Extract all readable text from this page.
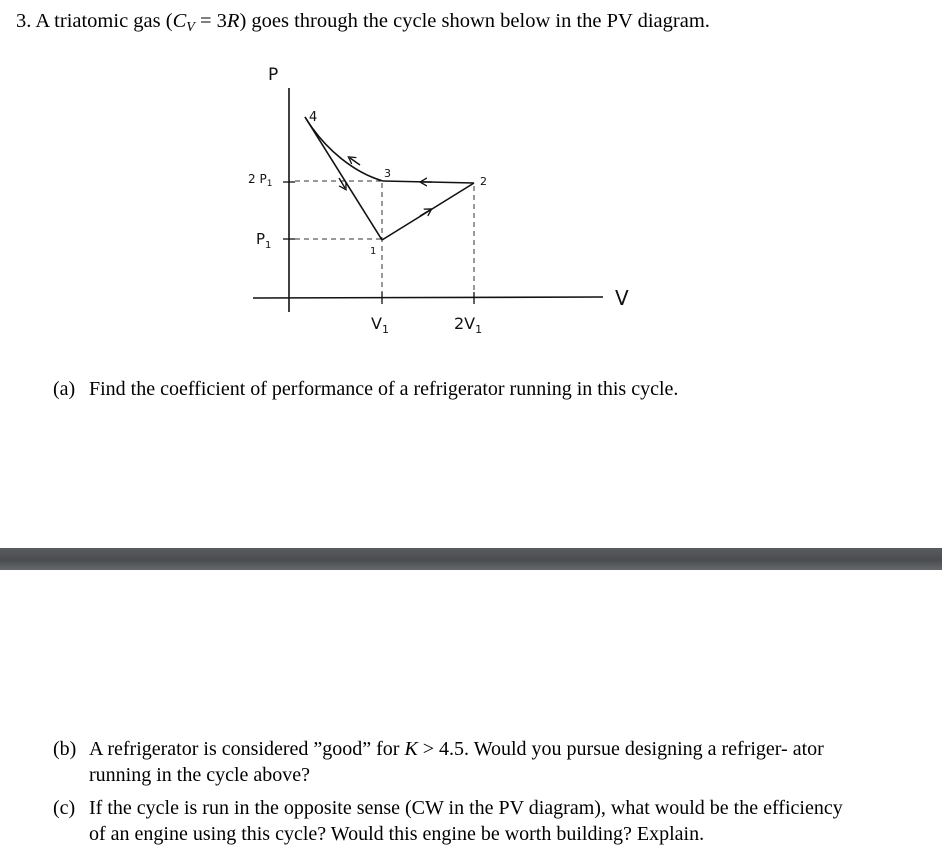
3. A triatomic gas $(C_V = 3R)$ goes through the cycle shown below in the PV diagram.
P
V
2 $P_1$
$P_1$
$V_1$	$2V_1$
1
2
3
4
(a) Find the coefficient of performance of a refrigerator running in this cycle.
(b) A refrigerator is considered ”good” for K > 4.5. Would you pursue designing a refriger- ator running in the cycle above?
(c) If the cycle is run in the opposite sense (CW in the PV diagram), what would be the efficiency of an engine using this cycle? Would this engine be worth building? Explain.
